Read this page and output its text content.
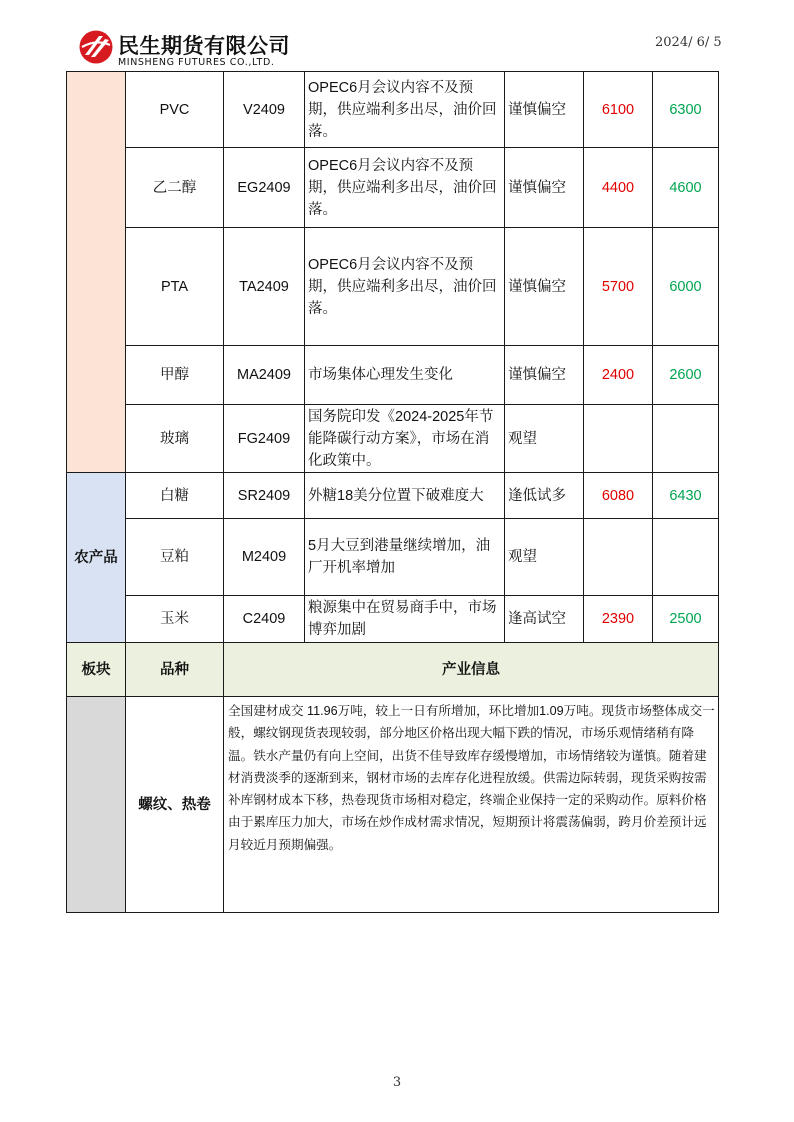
民生期货有限公司
MINSHENG FUTURES CO.,LTD.
2024/ 6/ 5
	PVC	V2409	OPEC6月会议内容不及预期，供应端利多出尽，油价回落。	谨慎偏空	6100	6300
	乙二醇	EG2409	OPEC6月会议内容不及预期，供应端利多出尽，油价回落。	谨慎偏空	4400	4600
	PTA	TA2409	OPEC6月会议内容不及预期，供应端利多出尽，油价回落。	谨慎偏空	5700	6000
	甲醇	MA2409	市场集体心理发生变化	谨慎偏空	2400	2600
	玻璃	FG2409	国务院印发《2024-2025年节能降碳行动方案》，市场在消化政策中。	观望		
农产品	白糖	SR2409	外糖18美分位置下破难度大	逢低试多	6080	6430
	豆粕	M2409	5月大豆到港量继续增加，油厂开机率增加	观望		
	玉米	C2409	粮源集中在贸易商手中，市场博弈加剧	逢高试空	2390	2500
板块	品种	产业信息				
	螺纹、热卷	全国建材成交 11.96万吨，较上一日有所增加，环比增加1.09万吨。现货市场整体成交一般，螺纹钢现货表现较弱，部分地区价格出现大幅下跌的情况，市场乐观情绪稍有降温。铁水产量仍有向上空间，出货不佳导致库存缓慢增加，市场情绪较为谨慎。随着建材消费淡季的逐渐到来，钢材市场的去库存化进程放缓。供需边际转弱，现货采购按需补库钢材成本下移，热卷现货市场相对稳定，终端企业保持一定的采购动作。原料价格由于累库压力加大，市场在炒作成材需求情况，短期预计将震荡偏弱，跨月价差预计远月较近月预期偏强。				
3
